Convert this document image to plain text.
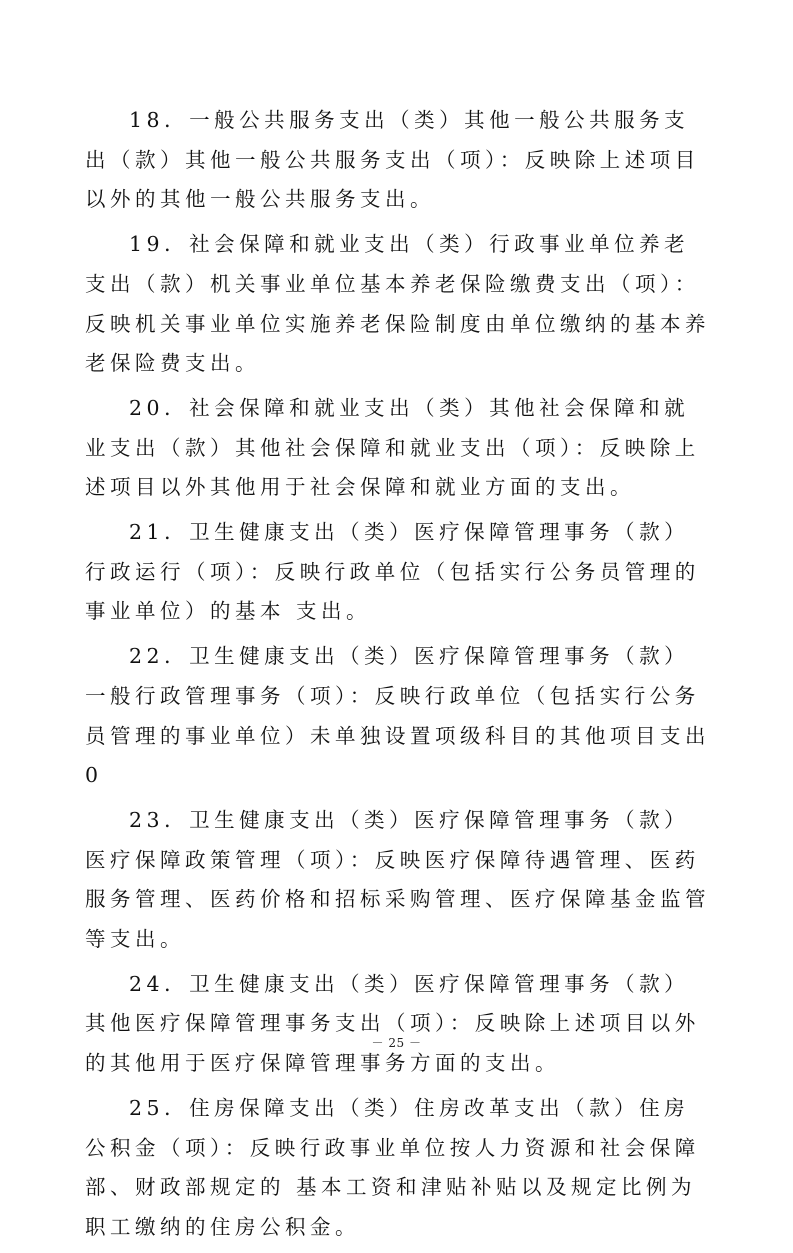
18．一般公共服务支出（类）其他一般公共服务支出（款）其他一般公共服务支出（项）：反映除上述项目以外的其他一般公共服务支出。

19．社会保障和就业支出（类）行政事业单位养老支出（款）机关事业单位基本养老保险缴费支出（项）：反映机关事业单位实施养老保险制度由单位缴纳的基本养老保险费支出。

20．社会保障和就业支出（类）其他社会保障和就业支出（款）其他社会保障和就业支出（项）：反映除上述项目以外其他用于社会保障和就业方面的支出。

21．卫生健康支出（类）医疗保障管理事务（款）行政运行（项）：反映行政单位（包括实行公务员管理的事业单位）的基本 支出。

22．卫生健康支出（类）医疗保障管理事务（款）一般行政管理事务（项）：反映行政单位（包括实行公务员管理的事业单位）未单独设置项级科目的其他项目支出0

23．卫生健康支出（类）医疗保障管理事务（款）医疗保障政策管理（项）：反映医疗保障待遇管理、医药服务管理、医药价格和招标采购管理、医疗保障基金监管等支出。

24．卫生健康支出（类）医疗保障管理事务（款）其他医疗保障管理事务支出（项）：反映除上述项目以外的其他用于医疗保障管理事务方面的支出。

25．住房保障支出（类）住房改革支出（款）住房公积金（项）：反映行政事业单位按人力资源和社会保障部、财政部规定的 基本工资和津贴补贴以及规定比例为职工缴纳的住房公积金。

－ 25 －
